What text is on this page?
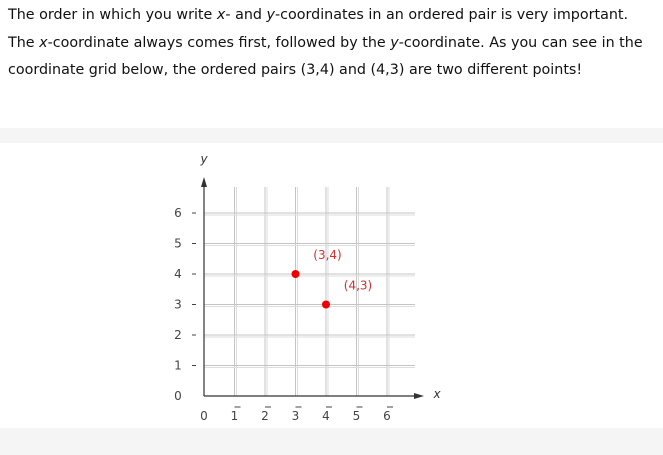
The order in which you write x- and y-coordinates in an ordered pair is very important. The x-coordinate always comes first, followed by the y-coordinate. As you can see in the coordinate grid below, the ordered pairs (3,4) and (4,3) are two different points!
x
y
0 1 2 3 4 5 6
0
1
2
3
4
5
6
(3,4)
(4,3)
